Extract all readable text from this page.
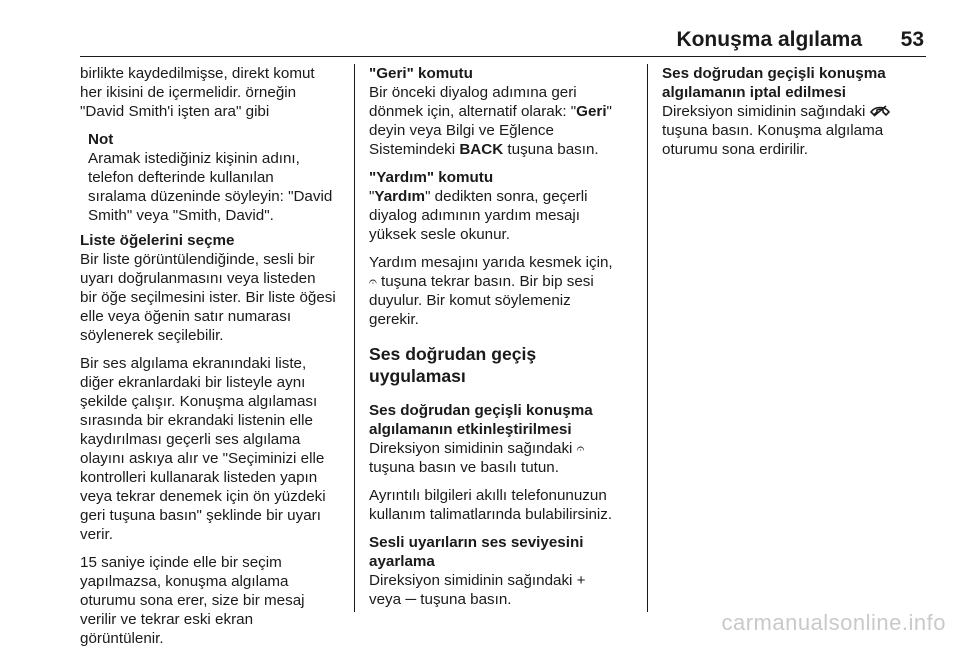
Konuşma algılama 53

birlikte kaydedilmişse, direkt komut
her ikisini de içermelidir. örneğin
"David Smith'i işten ara" gibi

Not

Aramak istediğiniz kişinin adını,
telefon defterinde kullanılan
sıralama düzeninde söyleyin: "David
Smith" veya "Smith, David".

Liste öğelerini seçme

Bir liste görüntülendiğinde, sesli bir
uyarı doğrulanmasını veya listeden
bir öğe seçilmesini ister. Bir liste öğesi
elle veya öğenin satır numarası
söylenerek seçilebilir.

Bir ses algılama ekranındaki liste,
diğer ekranlardaki bir listeyle aynı
şekilde çalışır. Konuşma algılaması
sırasında bir ekrandaki listenin elle
kaydırılması geçerli ses algılama
olayını askıya alır ve "Seçiminizi elle
kontrolleri kullanarak listeden yapın
veya tekrar denemek için ön yüzdeki
geri tuşuna basın" şeklinde bir uyarı
verir.

15 saniye içinde elle bir seçim
yapılmazsa, konuşma algılama
oturumu sona erer, size bir mesaj
verilir ve tekrar eski ekran
görüntülenir.

"Geri" komutu

Bir önceki diyalog adımına geri
dönmek için, alternatif olarak: "Geri"
deyin veya Bilgi ve Eğlence
Sistemindeki BACK tuşuna basın.

"Yardım" komutu

"Yardım" dedikten sonra, geçerli
diyalog adımının yardım mesajı
yüksek sesle okunur.

Yardım mesajını yarıda kesmek için,
𝄐 tuşuna tekrar basın. Bir bip sesi
duyulur. Bir komut söylemeniz
gerekir.

Ses doğrudan geçiş uygulaması
Ses doğrudan geçişli konuşma
algılamanın etkinleştirilmesi

Direksiyon simidinin sağındaki 𝄐
tuşuna basın ve basılı tutun.

Ayrıntılı bilgileri akıllı telefonunuzun
kullanım talimatlarında bulabilirsiniz.

Sesli uyarıların ses seviyesini
ayarlama

Direksiyon simidinin sağındaki +
veya ─ tuşuna basın.

Ses doğrudan geçişli konuşma
algılamanın iptal edilmesi

Direksiyon simidinin sağındaki
tuşuna basın. Konuşma algılama
oturumu sona erdirilir.

carmanualsonline.info
